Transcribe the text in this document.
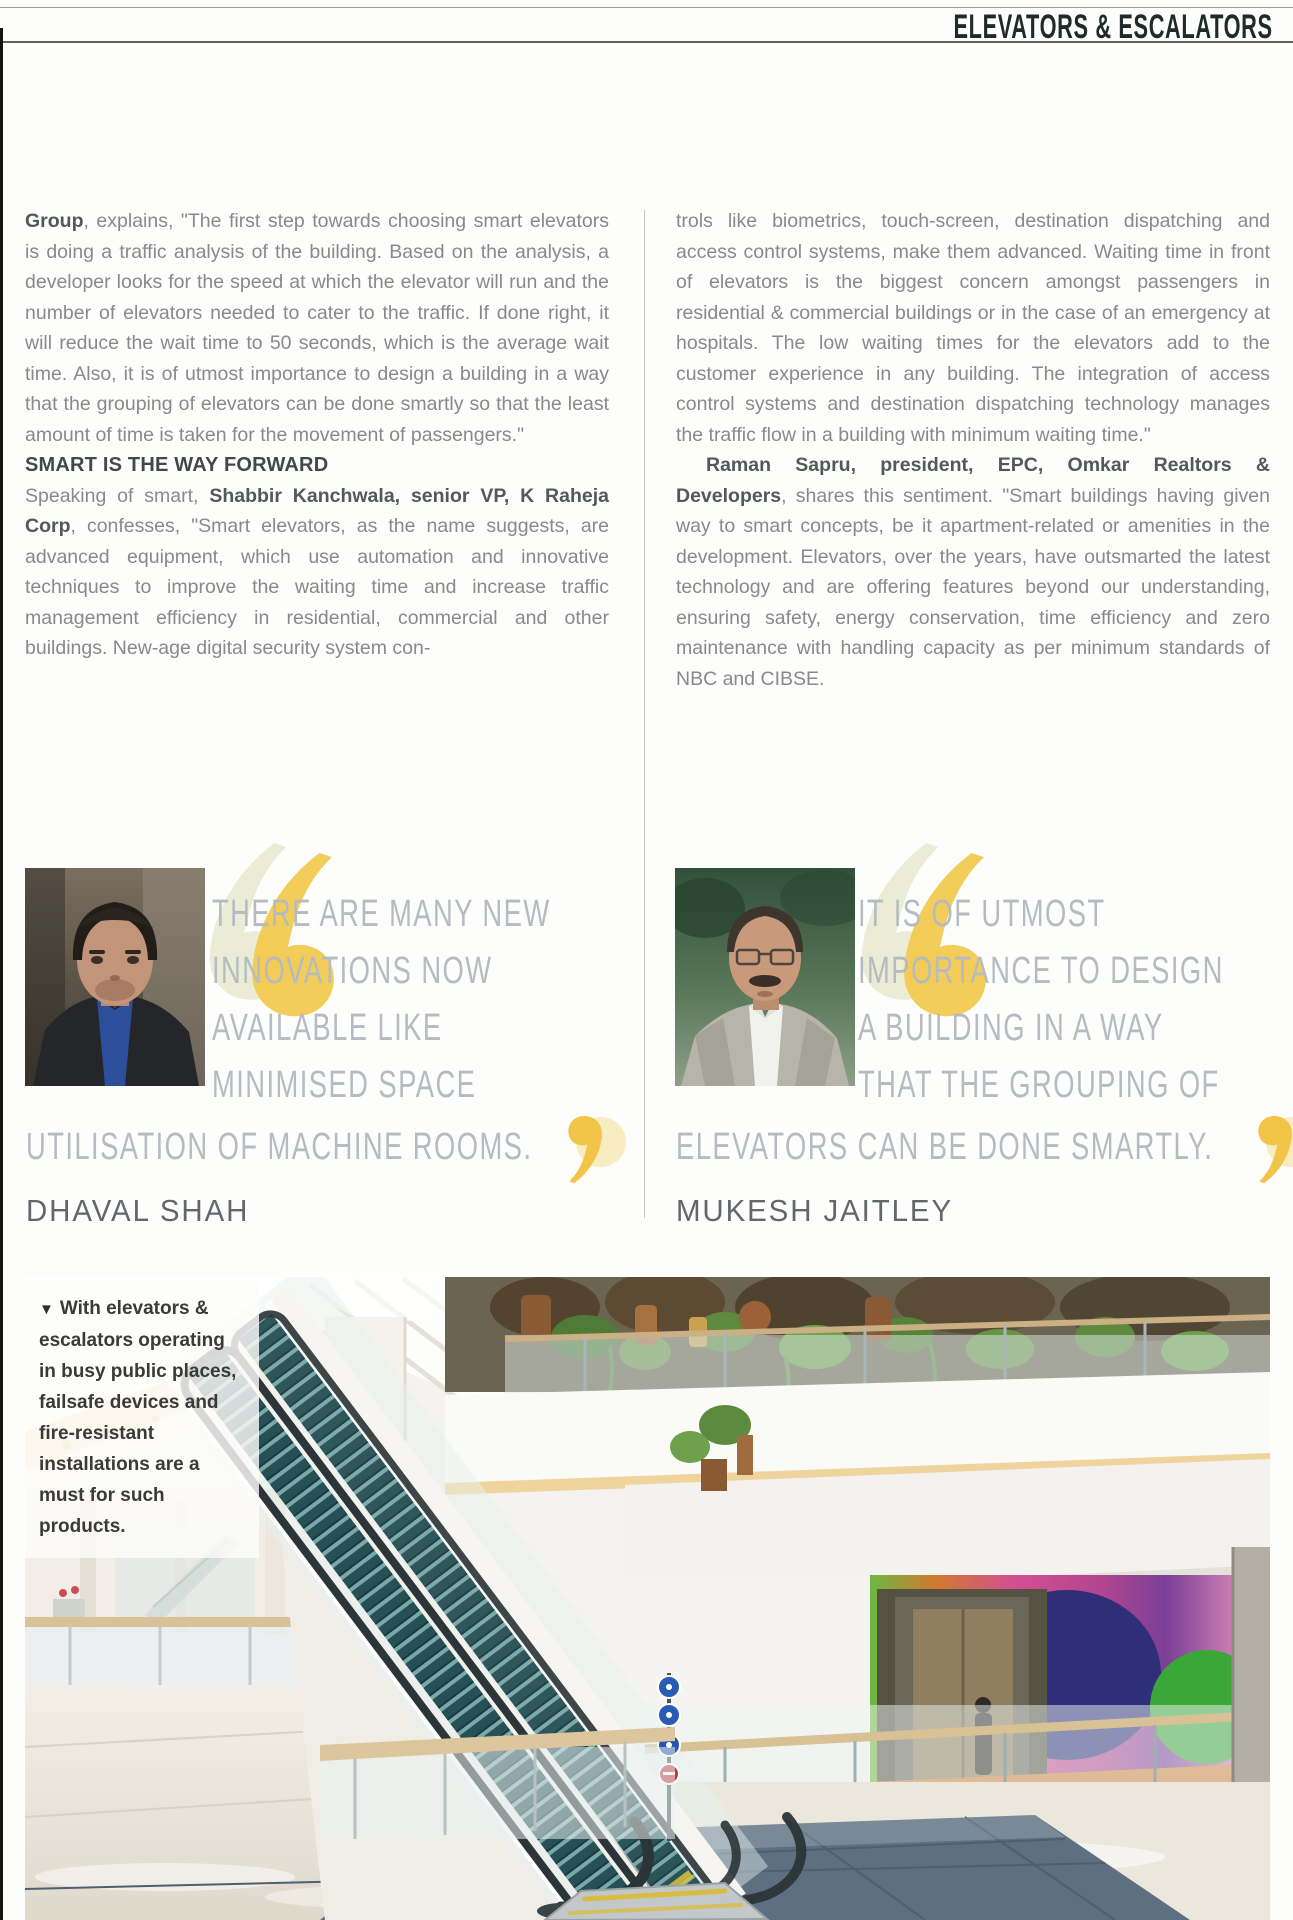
ELEVATORS & ESCALATORS

Group, explains, "The first step towards choosing smart elevators is doing a traffic analysis of the building. Based on the analysis, a developer looks for the speed at which the elevator will run and the number of elevators needed to cater to the traffic. If done right, it will reduce the wait time to 50 seconds, which is the average wait time. Also, it is of utmost importance to design a building in a way that the grouping of elevators can be done smartly so that the least amount of time is taken for the movement of passengers."

SMART IS THE WAY FORWARD

Speaking of smart, Shabbir Kanchwala, senior VP, K Raheja Corp, confesses, "Smart elevators, as the name suggests, are advanced equipment, which use automation and innovative techniques to improve the waiting time and increase traffic management efficiency in residential, commercial and other buildings. New-age digital security system con-

trols like biometrics, touch-screen, destination dispatching and access control systems, make them advanced. Waiting time in front of elevators is the biggest concern amongst passengers in residential & commercial buildings or in the case of an emergency at hospitals. The low waiting times for the elevators add to the customer experience in any building. The integration of access control systems and destination dispatching technology manages the traffic flow in a building with minimum waiting time."

Raman Sapru, president, EPC, Omkar Realtors & Developers, shares this sentiment. "Smart buildings having given way to smart concepts, be it apartment-related or amenities in the development. Elevators, over the years, have outsmarted the latest technology and are offering features beyond our understanding, ensuring safety, energy conservation, time efficiency and zero maintenance with handling capacity as per minimum standards of NBC and CIBSE.

THERE ARE MANY NEW
INNOVATIONS NOW
AVAILABLE LIKE
MINIMISED SPACE
UTILISATION OF MACHINE ROOMS.
DHAVAL SHAH
IT IS OF UTMOST
IMPORTANCE TO DESIGN
A BUILDING IN A WAY
THAT THE GROUPING OF
ELEVATORS CAN BE DONE SMARTLY.
MUKESH JAITLEY
▼ With elevators & escalators operating in busy public places, failsafe devices and fire-resistant installations are a must for such products.
